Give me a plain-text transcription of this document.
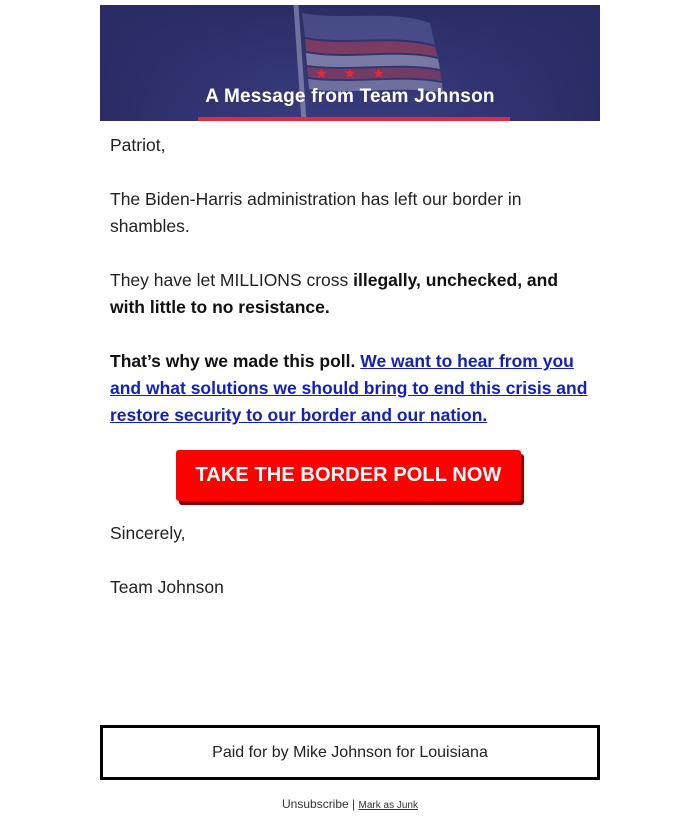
★★★
A Message from Team Johnson

Patriot,

The Biden-Harris administration has left our border in shambles.

They have let MILLIONS cross illegally, unchecked, and with little to no resistance.

That’s why we made this poll. We want to hear from you and what solutions we should bring to end this crisis and restore security to our border and our nation.

TAKE THE BORDER POLL NOW

Sincerely,

Team Johnson

Paid for by Mike Johnson for Louisiana
Unsubscribe | Mark as Junk
